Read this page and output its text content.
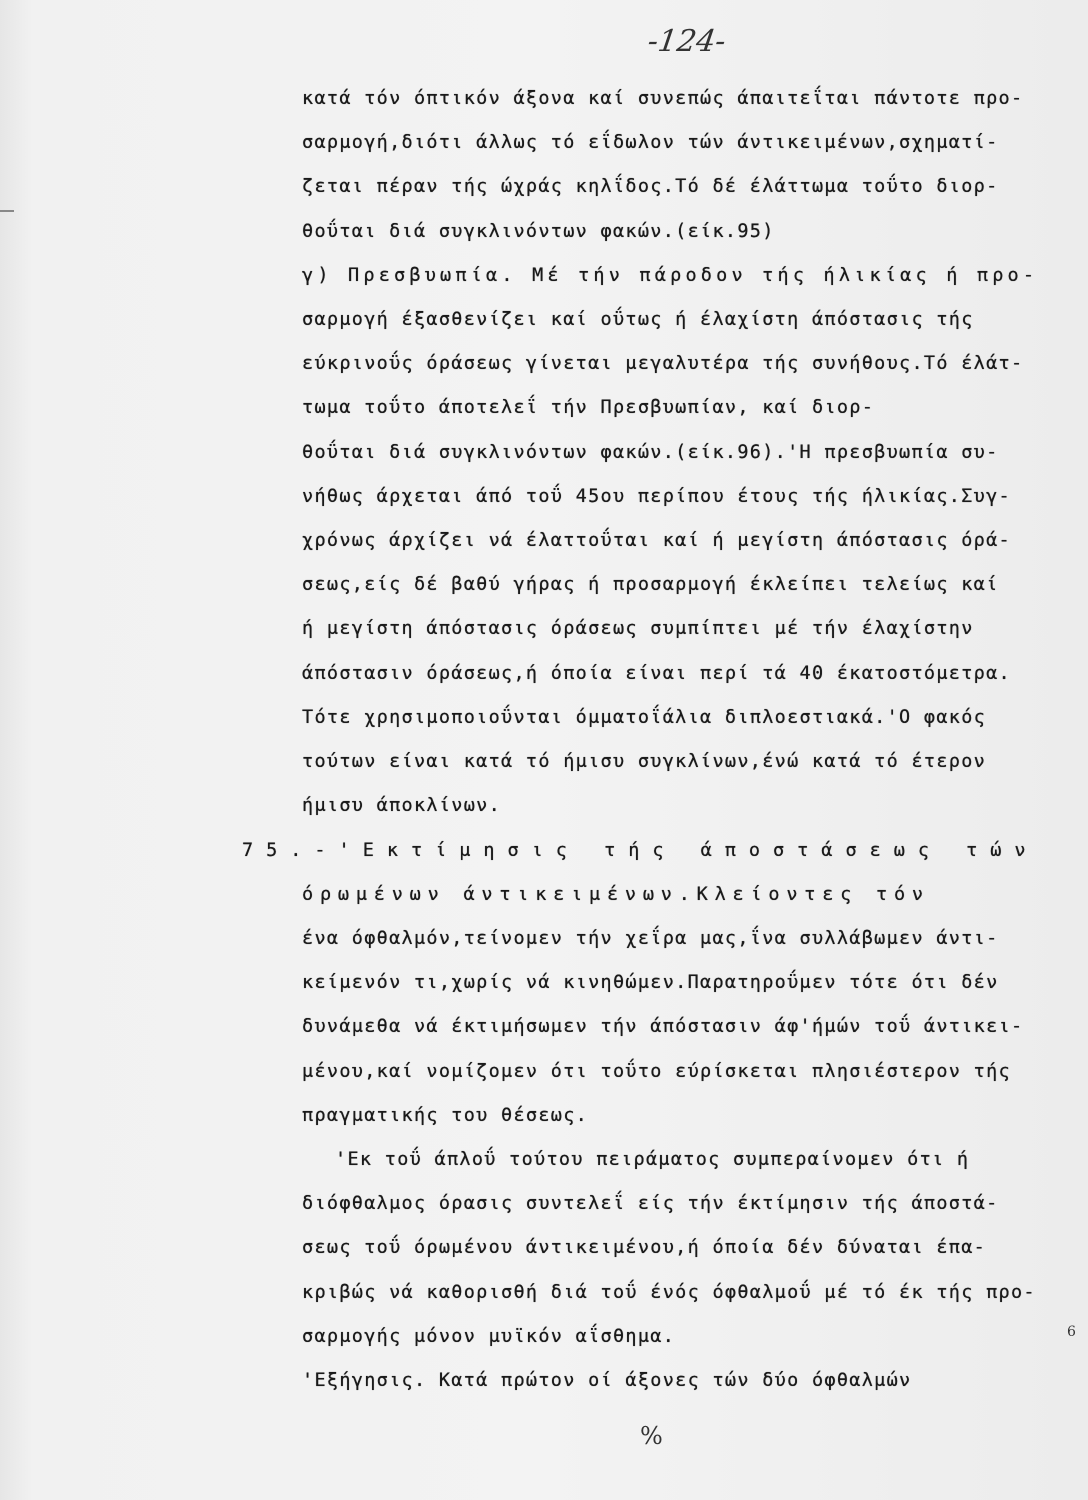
-124-
κατά τόν όπτικόν άξονα καί συνεπώς άπαιτεΐται πάντοτε προ-
σαρμογή,διότι άλλως τό εΐδωλον τών άντικειμένων,σχηματί-
ζεται πέραν τής ώχράς κηλΐδος.Τό δέ έλάττωμα τοΰτο διορ-
θοΰται διά συγκλινόντων φακών.(είκ.95)
γ) Πρεσβυωπία. Μέ τήν πάροδον τής ήλικίας ή προ-
σαρμογή έξασθενίζει καί οΰτως ή έλαχίστη άπόστασις τής
εύκρινοΰς όράσεως γίνεται μεγαλυτέρα τής συνήθους.Τό έλάτ-
τωμα τοΰτο άποτελεΐ τήν Πρεσβυωπίαν, καί διορ-
θοΰται διά συγκλινόντων φακών.(είκ.96).'Η πρεσβυωπία συ-
νήθως άρχεται άπό τοΰ 45ου περίπου έτους τής ήλικίας.Συγ-
χρόνως άρχίζει νά έλαττοΰται καί ή μεγίστη άπόστασις όρά-
σεως,είς δέ βαθύ γήρας ή προσαρμογή έκλείπει τελείως καί
ή μεγίστη άπόστασις όράσεως συμπίπτει μέ τήν έλαχίστην
άπόστασιν όράσεως,ή όποία είναι περί τά 40 έκατοστόμετρα.
Τότε χρησιμοποιοΰνται όμματοΐάλια διπλοεστιακά.'Ο φακός
τούτων είναι κατά τό ήμισυ συγκλίνων,ένώ κατά τό έτερον
ήμισυ άποκλίνων.
75.-'Εκτίμησις τής άποστάσεως τών
όρωμένων άντικειμένων.Κλείοντες τόν
ένα όφθαλμόν,τείνομεν τήν χεΐρα μας,ΐνα συλλάβωμεν άντι-
κείμενόν τι,χωρίς νά κινηθώμεν.Παρατηροΰμεν τότε ότι δέν
δυνάμεθα νά έκτιμήσωμεν τήν άπόστασιν άφ'ήμών τοΰ άντικει-
μένου,καί νομίζομεν ότι τοΰτο εύρίσκεται πλησιέστερον τής
πραγματικής του θέσεως.
'Εκ τοΰ άπλοΰ τούτου πειράματος συμπεραίνομεν ότι ή
διόφθαλμος όρασις συντελεΐ είς τήν έκτίμησιν τής άποστά-
σεως τοΰ όρωμένου άντικειμένου,ή όποία δέν δύναται έπα-
κριβώς νά καθορισθή διά τοΰ ένός όφθαλμοΰ μέ τό έκ τής προ-
σαρμογής μόνον μυϊκόν αΐσθημα.
'Εξήγησις. Κατά πρώτον οί άξονες τών δύο όφθαλμών
6
%
